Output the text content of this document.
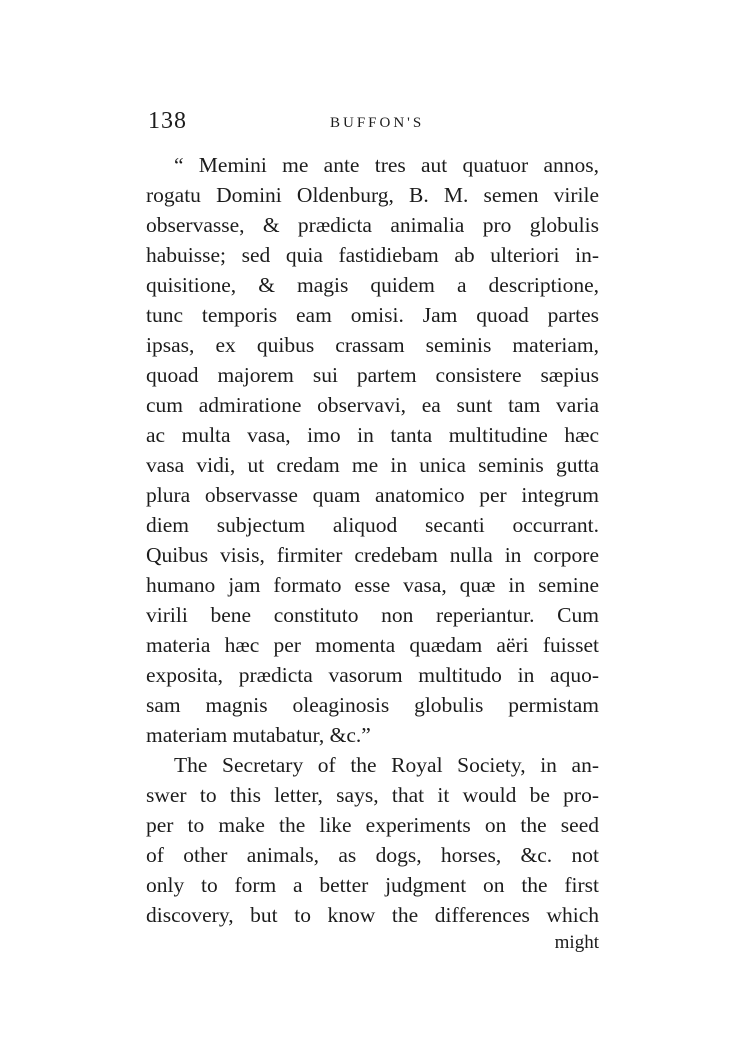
138	BUFFON'S
“ Memini me ante tres aut quatuor annos,
rogatu Domini Oldenburg, B. M. semen virile
observasse, & prædicta animalia pro globulis
habuisse; sed quia fastidiebam ab ulteriori in-
quisitione, & magis quidem a descriptione,
tunc temporis eam omisi. Jam quoad partes
ipsas, ex quibus crassam seminis materiam,
quoad majorem sui partem consistere sæpius
cum admiratione observavi, ea sunt tam varia
ac multa vasa, imo in tanta multitudine hæc
vasa vidi, ut credam me in unica seminis gutta
plura observasse quam anatomico per integrum
diem subjectum aliquod secanti occurrant.
Quibus visis, firmiter credebam nulla in corpore
humano jam formato esse vasa, quæ in semine
virili bene constituto non reperiantur. Cum
materia hæc per momenta quædam aëri fuisset
exposita, prædicta vasorum multitudo in aquo-
sam magnis oleaginosis globulis permistam
materiam mutabatur, &c.”
The Secretary of the Royal Society, in an-
swer to this letter, says, that it would be pro-
per to make the like experiments on the seed
of other animals, as dogs, horses, &c. not
only to form a better judgment on the first
discovery, but to know the differences which
might
